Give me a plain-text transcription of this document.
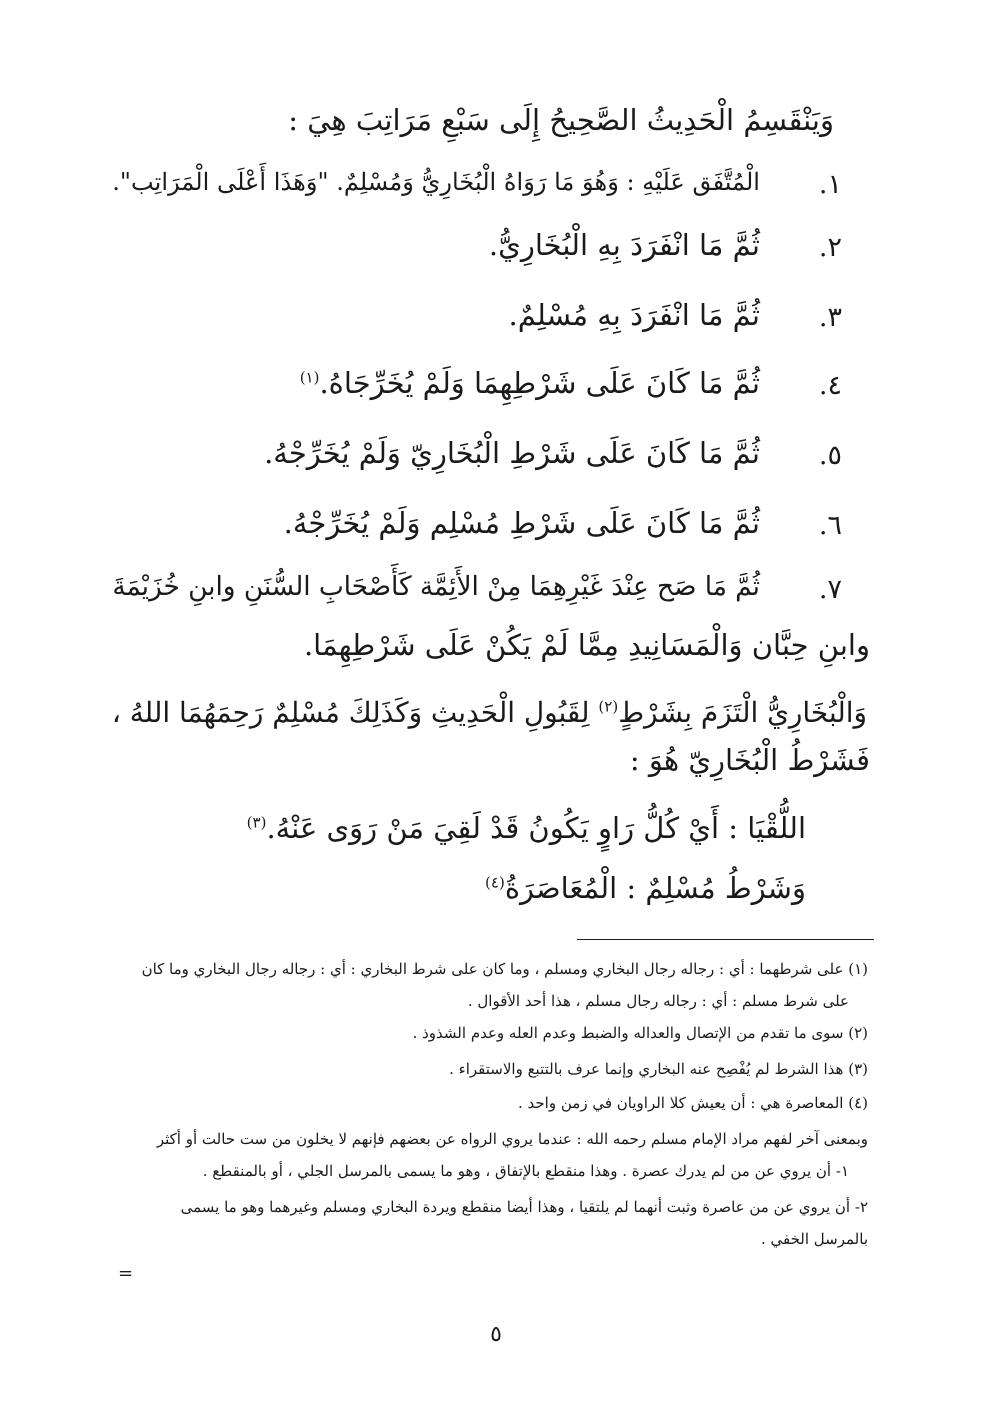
وَيَنْقَسِمُ الْحَدِيثُ الصَّحِيحُ إِلَى سَبْعِ مَرَاتِبَ هِيَ :
١.
الْمُتَّفَق عَلَيْهِ : وَهُوَ مَا رَوَاهُ الْبُخَارِيُّ وَمُسْلِمٌ. "وَهَذَا أَعْلَى الْمَرَاتِب".
٢.
ثُمَّ مَا انْفَرَدَ بِهِ الْبُخَارِيُّ.
٣.
ثُمَّ مَا انْفَرَدَ بِهِ مُسْلِمٌ.
٤.
ثُمَّ مَا كَانَ عَلَى شَرْطِهِمَا وَلَمْ يُخَرِّجَاهُ.$^{(١)}$
٥.
ثُمَّ مَا كَانَ عَلَى شَرْطِ الْبُخَارِيّ وَلَمْ يُخَرِّجْهُ.
٦.
ثُمَّ مَا كَانَ عَلَى شَرْطِ مُسْلِم وَلَمْ يُخَرِّجْهُ.
٧.
ثُمَّ مَا صَح عِنْدَ غَيْرِهِمَا مِنْ الأَئِمَّة كَأَصْحَابِ السُّنَنِ وابنِ خُزَيْمَةَ
وابنِ حِبَّان وَالْمَسَانِيدِ مِمَّا لَمْ يَكُنْ عَلَى شَرْطِهِمَا.
وَالْبُخَارِيُّ الْتَزَمَ بِشَرْطٍ$^{(٢)}$ لِقَبُولِ الْحَدِيثِ وَكَذَلِكَ مُسْلِمٌ رَحِمَهُمَا اللهُ ،
فَشَرْطُ الْبُخَارِيّ هُوَ :
اللُّقْيَا : أَيْ كُلُّ رَاوٍ يَكُونُ قَدْ لَقِيَ مَنْ رَوَى عَنْهُ.$^{(٣)}$
وَشَرْطُ مُسْلِمٌ : الْمُعَاصَرَةُ$^{(٤)}$
(١) على شرطهما : أي : رجاله رجال البخاري ومسلم ، وما كان على شرط البخاري : أي : رجاله رجال البخاري وما كان
على شرط مسلم : أي : رجاله رجال مسلم ، هذا أحد الأقوال .
(٢) سوى ما تقدم من الإتصال والعداله والضبط وعدم العله وعدم الشذوذ .
(٣) هذا الشرط لم يُفْصِح عنه البخاري وإنما عرف بالتتبع والاستقراء .
(٤) المعاصرة هي : أن يعيش كلا الراويان في زمن واحد .
وبمعنى آخر لفهم مراد الإمام مسلم رحمه الله : عندما يروي الرواه عن بعضهم فإنهم لا يخلون من ست حالت أو أكثر
١- أن يروي عن من لم يدرك عصرة . وهذا منقطع بالإتفاق ، وهو ما يسمى بالمرسل الجلي ، أو بالمنقطع .
٢- أن يروي عن من عاصرة وثبت أنهما لم يلتقيا ، وهذا أيضا منقطع ويردة البخاري ومسلم وغيرهما وهو ما يسمى
بالمرسل الخفي .
=
٥
